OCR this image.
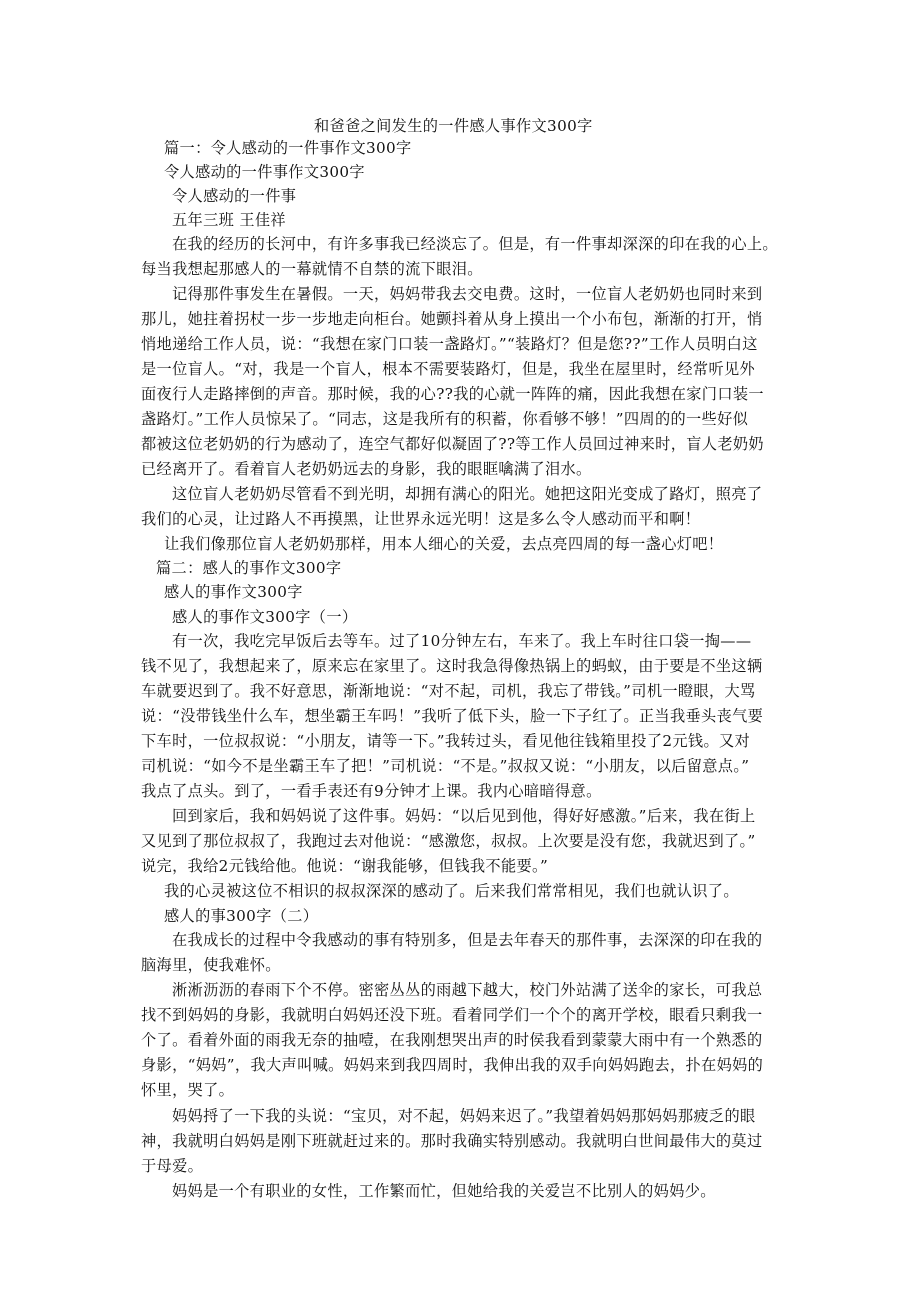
和爸爸之间发生的一件感人事作文300字

篇一：令人感动的一件事作文300字

令人感动的一件事作文300字

令人感动的一件事

五年三班 王佳祥

在我的经历的长河中，有许多事我已经淡忘了。但是，有一件事却深深的印在我的心上。

每当我想起那感人的一幕就情不自禁的流下眼泪。

记得那件事发生在暑假。一天，妈妈带我去交电费。这时，一位盲人老奶奶也同时来到

那儿，她拄着拐杖一步一步地走向柜台。她颤抖着从身上摸出一个小布包，渐渐的打开，悄

悄地递给工作人员，说：“我想在家门口装一盏路灯。”“装路灯？但是您??”工作人员明白这

是一位盲人。“对，我是一个盲人，根本不需要装路灯，但是，我坐在屋里时，经常听见外

面夜行人走路摔倒的声音。那时候，我的心??我的心就一阵阵的痛，因此我想在家门口装一

盏路灯。”工作人员惊呆了。“同志，这是我所有的积蓄，你看够不够！”四周的的一些好似

都被这位老奶奶的行为感动了，连空气都好似凝固了??等工作人员回过神来时，盲人老奶奶

已经离开了。看着盲人老奶奶远去的身影，我的眼眶噙满了泪水。

这位盲人老奶奶尽管看不到光明，却拥有满心的阳光。她把这阳光变成了路灯，照亮了

我们的心灵，让过路人不再摸黑，让世界永远光明！这是多么令人感动而平和啊！

让我们像那位盲人老奶奶那样，用本人细心的关爱，去点亮四周的每一盏心灯吧！

篇二：感人的事作文300字

感人的事作文300字

感人的事作文300字（一）

有一次，我吃完早饭后去等车。过了10分钟左右，车来了。我上车时往口袋一掏——

钱不见了，我想起来了，原来忘在家里了。这时我急得像热锅上的蚂蚁，由于要是不坐这辆

车就要迟到了。我不好意思，渐渐地说：“对不起，司机，我忘了带钱。”司机一瞪眼，大骂

说：“没带钱坐什么车，想坐霸王车吗！”我听了低下头，脸一下子红了。正当我垂头丧气要

下车时，一位叔叔说：“小朋友，请等一下。”我转过头，看见他往钱箱里投了2元钱。又对

司机说：“如今不是坐霸王车了把！”司机说：“不是。”叔叔又说：“小朋友，以后留意点。”

我点了点头。到了，一看手表还有9分钟才上课。我内心暗暗得意。

回到家后，我和妈妈说了这件事。妈妈：“以后见到他，得好好感激。”后来，我在街上

又见到了那位叔叔了，我跑过去对他说：“感激您，叔叔。上次要是没有您，我就迟到了。”

说完，我给2元钱给他。他说：“谢我能够，但钱我不能要。”

我的心灵被这位不相识的叔叔深深的感动了。后来我们常常相见，我们也就认识了。

感人的事300字（二）

在我成长的过程中令我感动的事有特别多，但是去年春天的那件事，去深深的印在我的

脑海里，使我难怀。

淅淅沥沥的春雨下个不停。密密丛丛的雨越下越大，校门外站满了送伞的家长，可我总

找不到妈妈的身影，我就明白妈妈还没下班。看着同学们一个个的离开学校，眼看只剩我一

个了。看着外面的雨我无奈的抽噎，在我刚想哭出声的时侯我看到蒙蒙大雨中有一个熟悉的

身影，“妈妈”，我大声叫喊。妈妈来到我四周时，我伸出我的双手向妈妈跑去，扑在妈妈的

怀里，哭了。

妈妈捋了一下我的头说：“宝贝，对不起，妈妈来迟了。”我望着妈妈那妈妈那疲乏的眼

神，我就明白妈妈是刚下班就赶过来的。那时我确实特别感动。我就明白世间最伟大的莫过

于母爱。

妈妈是一个有职业的女性，工作繁而忙，但她给我的关爱岂不比别人的妈妈少。
